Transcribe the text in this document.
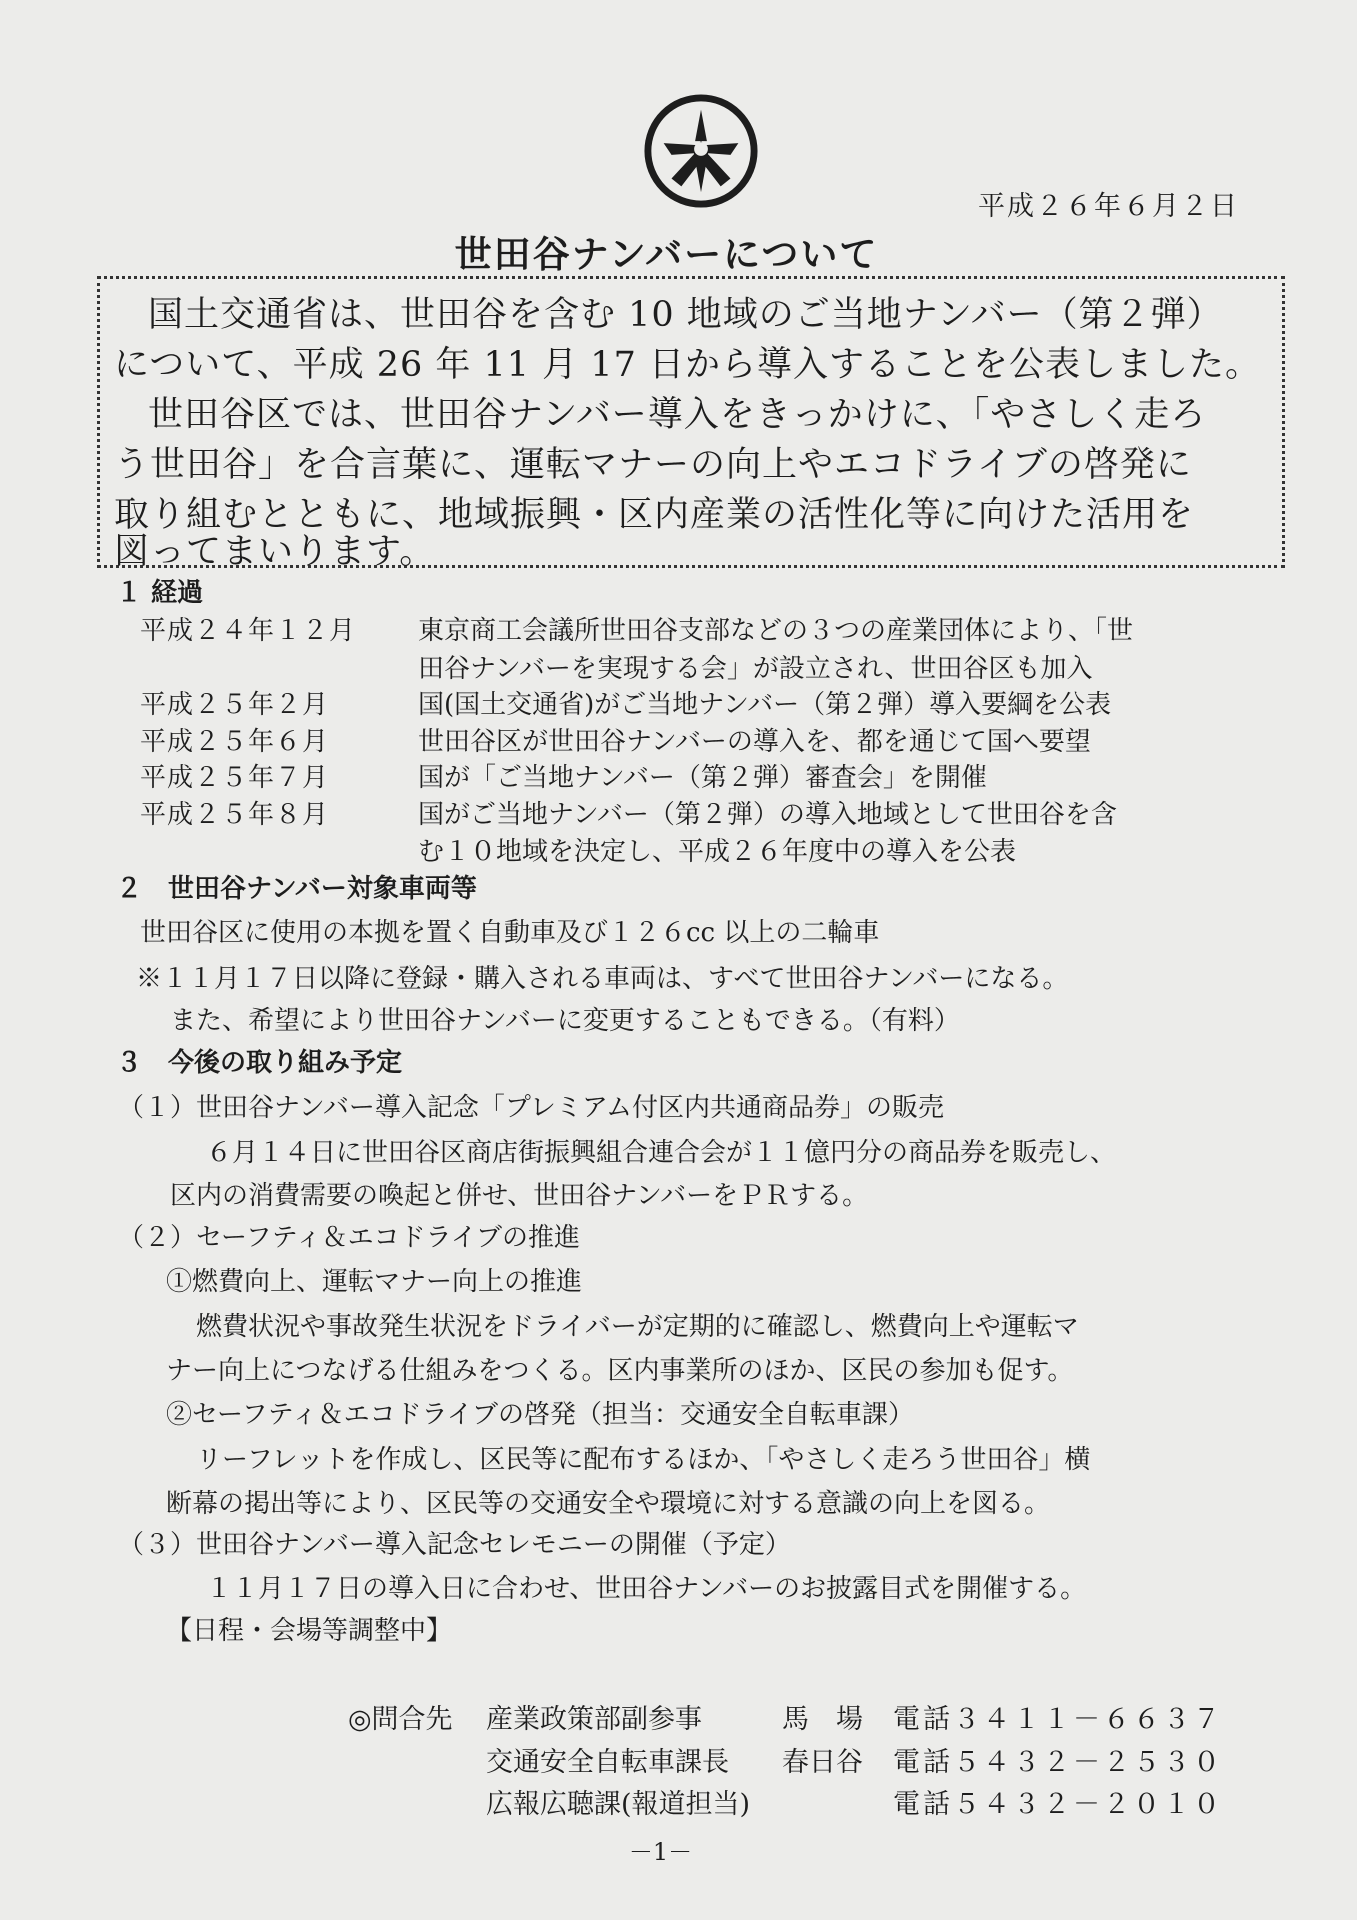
平成２６年６月２日
世田谷ナンバーについて
国土交通省は、世田谷を含む 10 地域のご当地ナンバー（第２弾）
について、平成 26 年 11 月 17 日から導入することを公表しました。
世田谷区では、世田谷ナンバー導入をきっかけに、「やさしく走ろ
う世田谷」を合言葉に、運転マナーの向上やエコドライブの啓発に
取り組むとともに、地域振興・区内産業の活性化等に向けた活用を
図ってまいります。
１ 経過
平成２４年１２月 東京商工会議所世田谷支部などの３つの産業団体により、「世
田谷ナンバーを実現する会」が設立され、世田谷区も加入
平成２５年２月	国(国土交通省)がご当地ナンバー（第２弾）導入要綱を公表
平成２５年６月	世田谷区が世田谷ナンバーの導入を、都を通じて国へ要望
平成２５年７月	国が「ご当地ナンバー（第２弾）審査会」を開催
平成２５年８月	国がご当地ナンバー（第２弾）の導入地域として世田谷を含
む１０地域を決定し、平成２６年度中の導入を公表
２　世田谷ナンバー対象車両等
世田谷区に使用の本拠を置く自動車及び１２６cc 以上の二輪車
※１１月１７日以降に登録・購入される車両は、すべて世田谷ナンバーになる。
また、希望により世田谷ナンバーに変更することもできる。（有料）
３　今後の取り組み予定
（１）世田谷ナンバー導入記念「プレミアム付区内共通商品券」の販売
６月１４日に世田谷区商店街振興組合連合会が１１億円分の商品券を販売し、
区内の消費需要の喚起と併せ、世田谷ナンバーをＰＲする。
（２）セーフティ＆エコドライブの推進
①燃費向上、運転マナー向上の推進
燃費状況や事故発生状況をドライバーが定期的に確認し、燃費向上や運転マ
ナー向上につなげる仕組みをつくる。区内事業所のほか、区民の参加も促す。
②セーフティ＆エコドライブの啓発（担当：交通安全自転車課）
リーフレットを作成し、区民等に配布するほか、「やさしく走ろう世田谷」横
断幕の掲出等により、区民等の交通安全や環境に対する意識の向上を図る。
（３）世田谷ナンバー導入記念セレモニーの開催（予定）
１１月１７日の導入日に合わせ、世田谷ナンバーのお披露目式を開催する。
【日程・会場等調整中】
◎問合先 産業政策部副参事	馬　場 電話３４１１－６６３７
交通安全自転車課長 春日谷 電話５４３２－２５３０
広報広聴課(報道担当)	電話５４３２－２０１０
－1－
